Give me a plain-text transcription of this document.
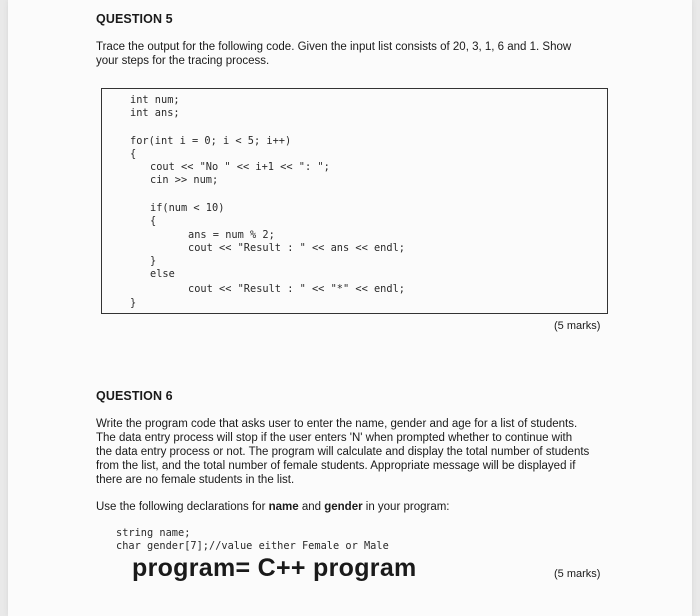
QUESTION 5
Trace the output for the following code. Given the input list consists of 20, 3, 1, 6 and 1. Show
your steps for the tracing process.
int num;
int ans;
for(int i = 0; i < 5; i++)
{
cout << "No " << i+1 << ": ";
cin >> num;
if(num < 10)
{
ans = num % 2;
cout << "Result : " << ans << endl;
}
else
cout << "Result : " << "*" << endl;
}
(5 marks)
QUESTION 6
Write the program code that asks user to enter the name, gender and age for a list of students.
The data entry process will stop if the user enters 'N' when prompted whether to continue with
the data entry process or not. The program will calculate and display the total number of students
from the list, and the total number of female students. Appropriate message will be displayed if
there are no female students in the list.
Use the following declarations for name and gender in your program:
string name;
char gender[7];//value either Female or Male
program= C++ program	(5 marks)
